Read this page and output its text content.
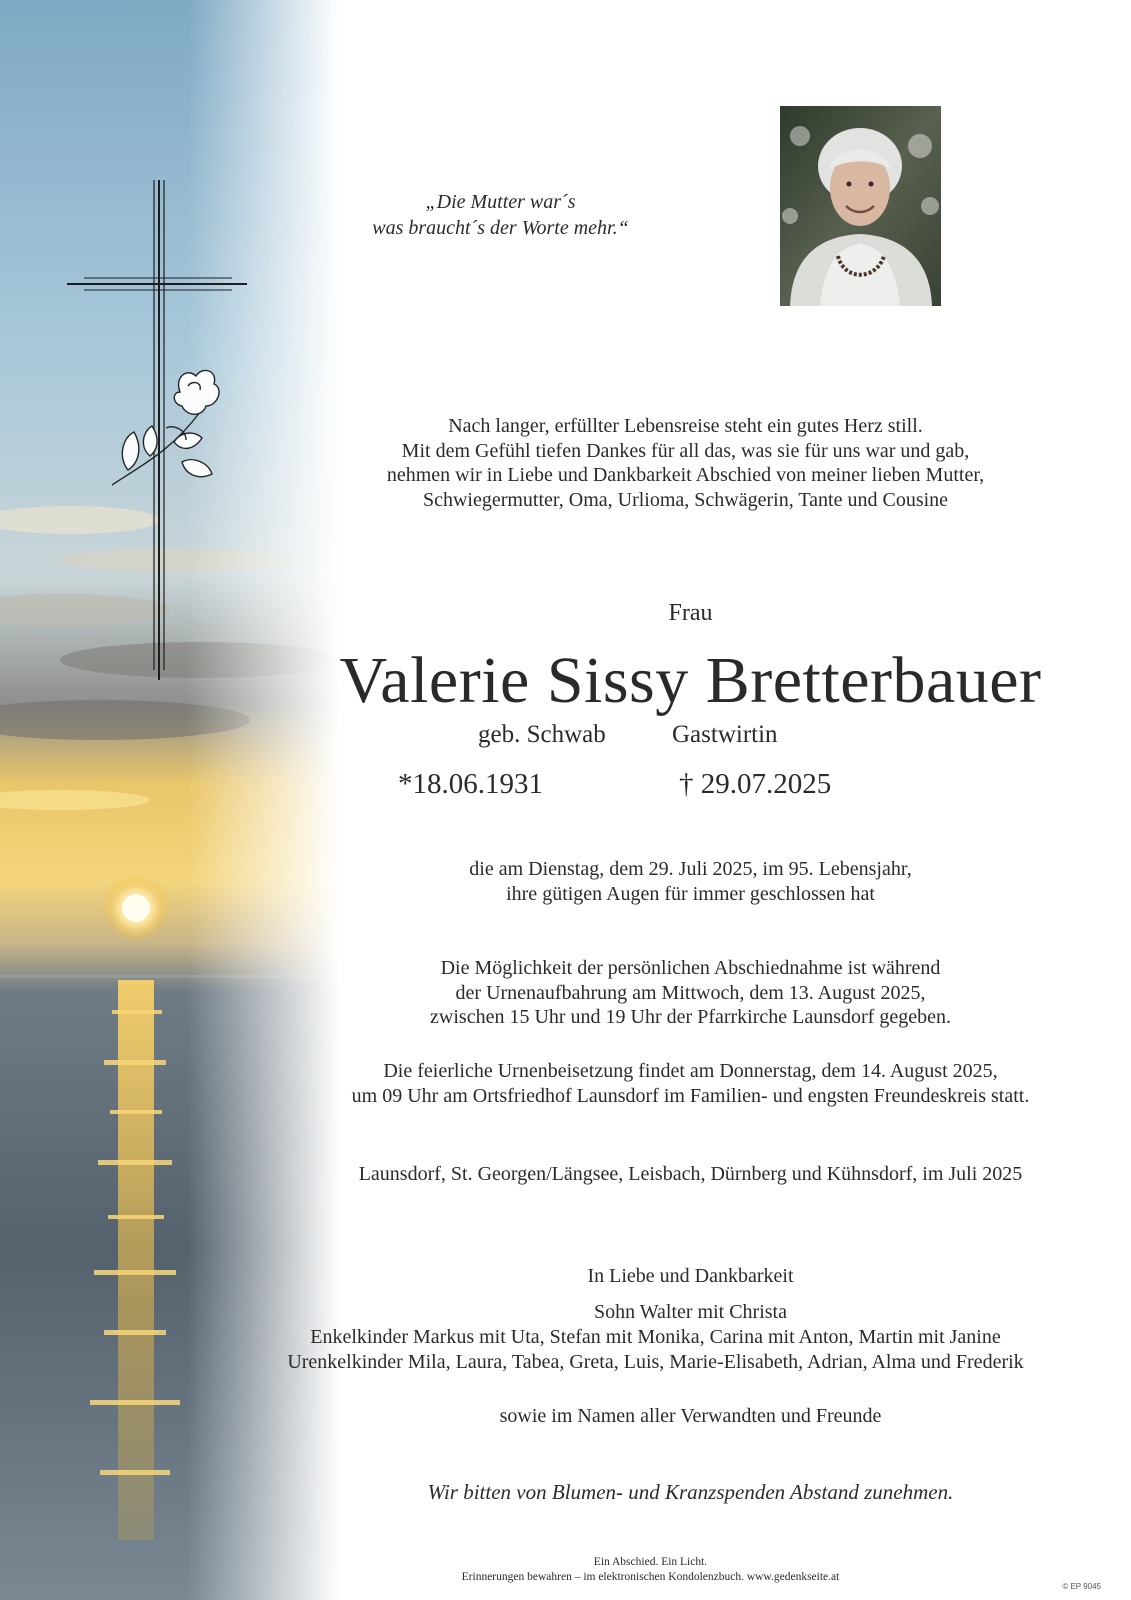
„Die Mutter war´s
was braucht´s der Worte mehr.“
Nach langer, erfüllter Lebensreise steht ein gutes Herz still.
Mit dem Gefühl tiefen Dankes für all das, was sie für uns war und gab,
nehmen wir in Liebe und Dankbarkeit Abschied von meiner lieben Mutter,
Schwiegermutter, Oma, Urlioma, Schwägerin, Tante und Cousine
Frau
Valerie Sissy Bretterbauer
geb. Schwab	Gastwirtin
*18.06.1931	† 29.07.2025
die am Dienstag, dem 29. Juli 2025, im 95. Lebensjahr,
ihre gütigen Augen für immer geschlossen hat
Die Möglichkeit der persönlichen Abschiednahme ist während
der Urnenaufbahrung am Mittwoch, dem 13. August 2025,
zwischen 15 Uhr und 19 Uhr der Pfarrkirche Launsdorf gegeben.
Die feierliche Urnenbeisetzung findet am Donnerstag, dem 14. August 2025,
um 09 Uhr am Ortsfriedhof Launsdorf im Familien- und engsten Freundeskreis statt.
Launsdorf, St. Georgen/Längsee, Leisbach, Dürnberg und Kühnsdorf, im Juli 2025
In Liebe und Dankbarkeit
Sohn Walter mit Christa
Enkelkinder Markus mit Uta, Stefan mit Monika, Carina mit Anton, Martin mit Janine
Urenkelkinder Mila, Laura, Tabea, Greta, Luis, Marie-Elisabeth, Adrian, Alma und Frederik
sowie im Namen aller Verwandten und Freunde
Wir bitten von Blumen- und Kranzspenden Abstand zunehmen.
Ein Abschied. Ein Licht.
Erinnerungen bewahren – im elektronischen Kondolenzbuch. www.gedenkseite.at
© EP 9045
